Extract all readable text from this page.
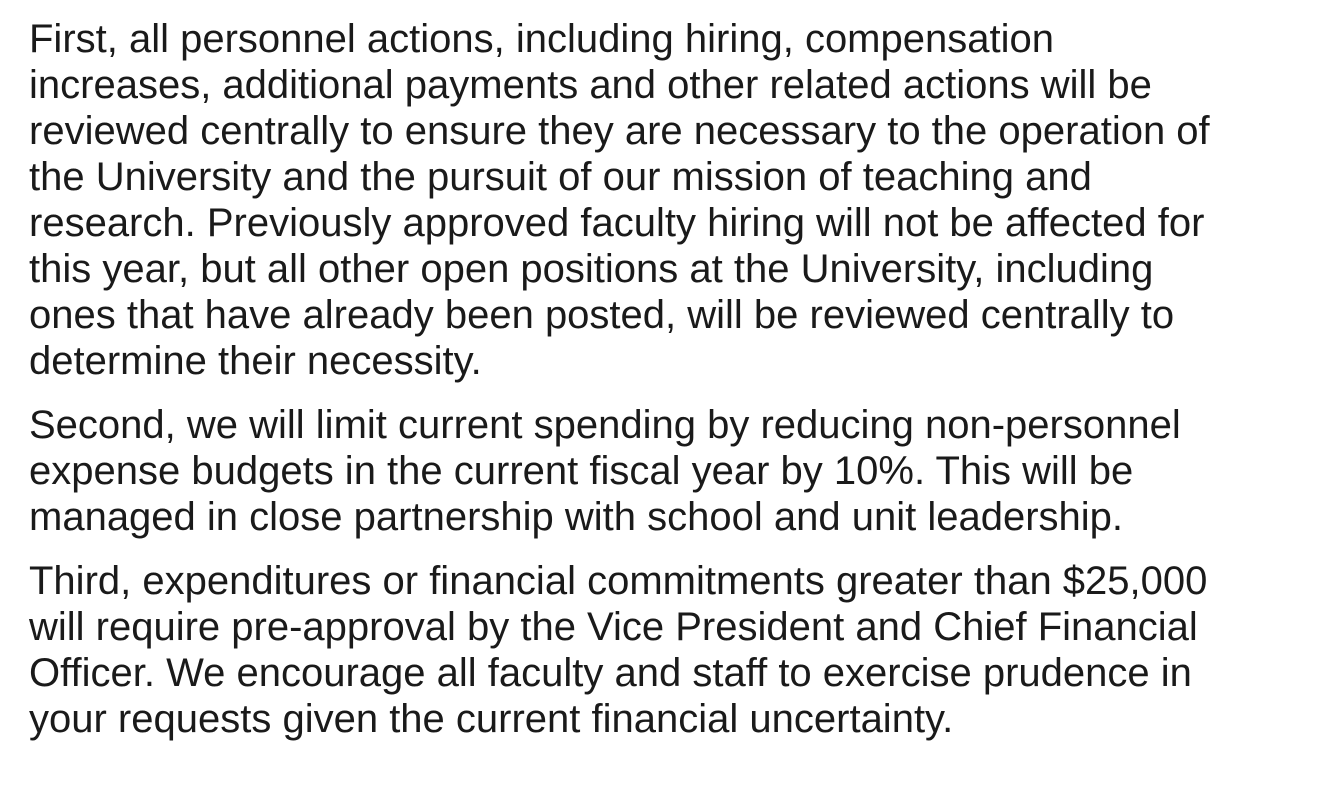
First, all personnel actions, including hiring, compensation
increases, additional payments and other related actions will be
reviewed centrally to ensure they are necessary to the operation of
the University and the pursuit of our mission of teaching and
research. Previously approved faculty hiring will not be affected for
this year, but all other open positions at the University, including
ones that have already been posted, will be reviewed centrally to
determine their necessity.

Second, we will limit current spending by reducing non-personnel
expense budgets in the current fiscal year by 10%. This will be
managed in close partnership with school and unit leadership.

Third, expenditures or financial commitments greater than $25,000
will require pre-approval by the Vice President and Chief Financial
Officer. We encourage all faculty and staff to exercise prudence in
your requests given the current financial uncertainty.
